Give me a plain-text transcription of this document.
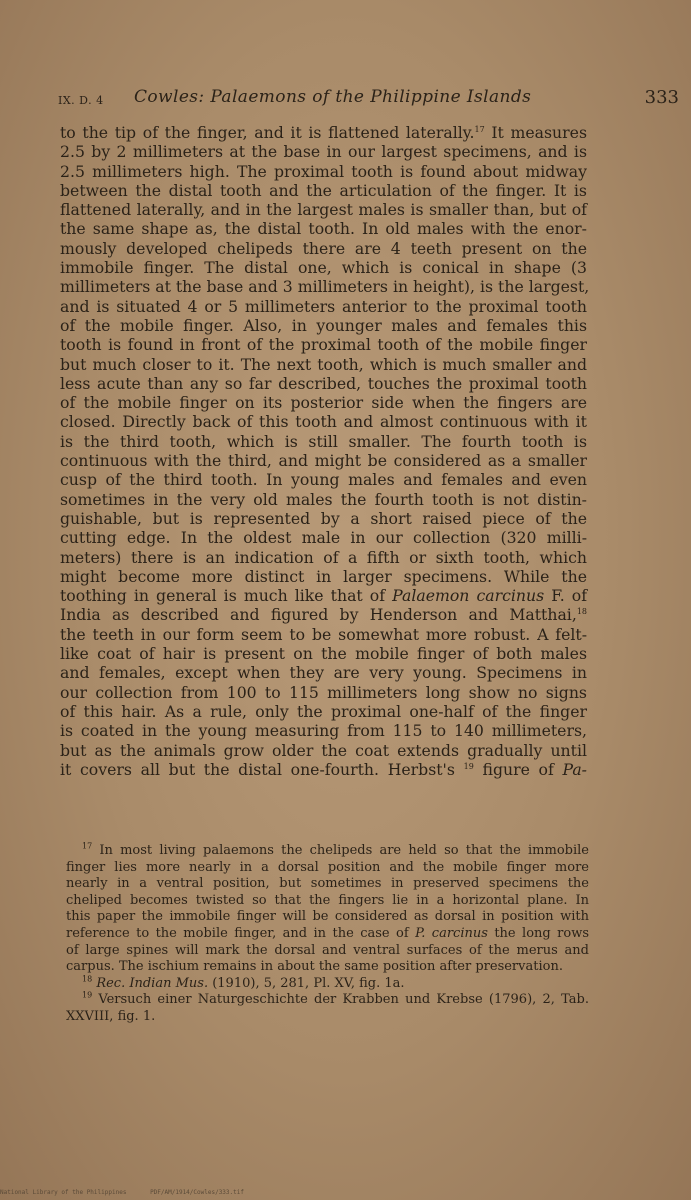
IX. D. 4 Cowles: Palaemons of the Philippine Islands	333
to the tip of the finger, and it is flattened laterally.$^{17}$ It measures
2.5 by 2 millimeters at the base in our largest specimens, and is
2.5 millimeters high. The proximal tooth is found about midway
between the distal tooth and the articulation of the finger. It is
flattened laterally, and in the largest males is smaller than, but of
the same shape as, the distal tooth. In old males with the enor-
mously developed chelipeds there are 4 teeth present on the
immobile finger. The distal one, which is conical in shape (3
millimeters at the base and 3 millimeters in height), is the largest,
and is situated 4 or 5 millimeters anterior to the proximal tooth
of the mobile finger. Also, in younger males and females this
tooth is found in front of the proximal tooth of the mobile finger
but much closer to it. The next tooth, which is much smaller and
less acute than any so far described, touches the proximal tooth
of the mobile finger on its posterior side when the fingers are
closed. Directly back of this tooth and almost continuous with it
is the third tooth, which is still smaller. The fourth tooth is
continuous with the third, and might be considered as a smaller
cusp of the third tooth. In young males and females and even
sometimes in the very old males the fourth tooth is not distin-
guishable, but is represented by a short raised piece of the
cutting edge. In the oldest male in our collection (320 milli-
meters) there is an indication of a fifth or sixth tooth, which
might become more distinct in larger specimens. While the
toothing in general is much like that of Palaemon carcinus F. of
India as described and figured by Henderson and Matthai,$^{18}$
the teeth in our form seem to be somewhat more robust. A felt-
like coat of hair is present on the mobile finger of both males
and females, except when they are very young. Specimens in
our collection from 100 to 115 millimeters long show no signs
of this hair. As a rule, only the proximal one-half of the finger
is coated in the young measuring from 115 to 140 millimeters,
but as the animals grow older the coat extends gradually until
it covers all but the distal one-fourth. Herbst's $^{19}$ figure of Pa-
$^{17}$ In most living palaemons the chelipeds are held so that the immobile
finger lies more nearly in a dorsal position and the mobile finger more
nearly in a ventral position, but sometimes in preserved specimens the
cheliped becomes twisted so that the fingers lie in a horizontal plane. In
this paper the immobile finger will be considered as dorsal in position with
reference to the mobile finger, and in the case of P. carcinus the long rows
of large spines will mark the dorsal and ventral surfaces of the merus and
carpus. The ischium remains in about the same position after preservation.
$^{18}$ Rec. Indian Mus. (1910), 5, 281, Pl. XV, fig. 1a.
$^{19}$ Versuch einer Naturgeschichte der Krabben und Krebse (1796), 2, Tab.
XXVIII, fig. 1.
National Library of the Philippines	PDF/AM/1914/Cowles/333.tif
